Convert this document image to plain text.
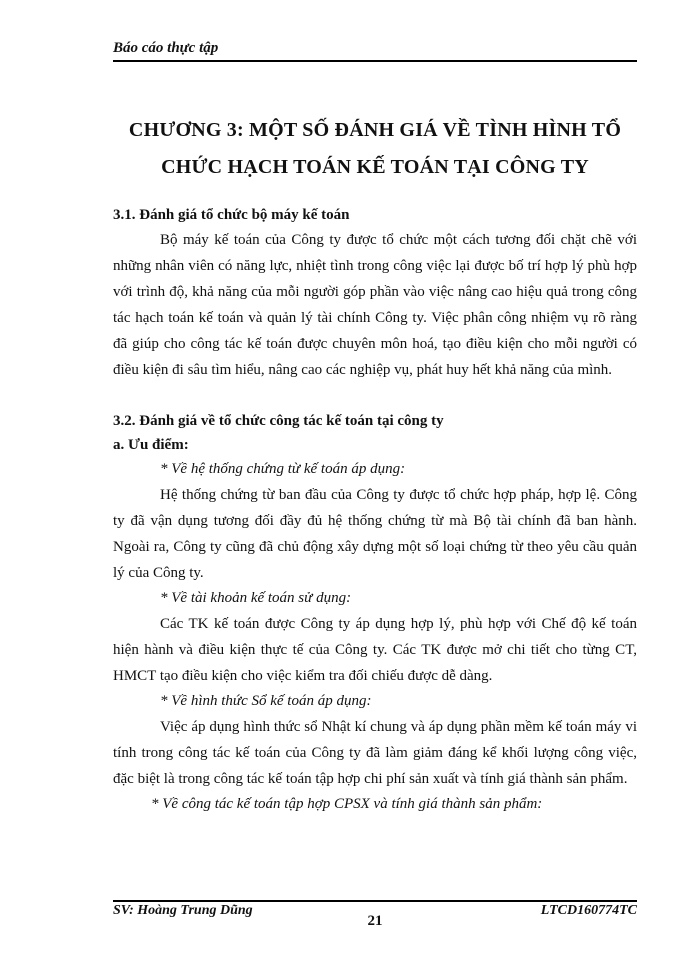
Báo cáo thực tập
CHƯƠNG 3: MỘT SỐ ĐÁNH GIÁ VỀ TÌNH HÌNH TỔ
CHỨC HẠCH TOÁN KẾ TOÁN TẠI CÔNG TY
3.1. Đánh giá tổ chức bộ máy kế toán

Bộ máy kế toán của Công ty được tổ chức một cách tương đối chặt chẽ với những nhân viên có năng lực, nhiệt tình trong công việc lại được bố trí hợp lý phù hợp với trình độ, khả năng của mỗi người góp phần vào việc nâng cao hiệu quả trong công tác hạch toán kế toán và quản lý tài chính Công ty. Việc phân công nhiệm vụ rõ ràng đã giúp cho công tác kế toán được chuyên môn hoá, tạo điều kiện cho mỗi người có điều kiện đi sâu tìm hiểu, nâng cao các nghiệp vụ, phát huy hết khả năng của mình.

3.2. Đánh giá về tổ chức công tác kế toán tại công ty
a. Ưu điểm:
* Về hệ thống chứng từ kế toán áp dụng:

Hệ thống chứng từ ban đầu của Công ty được tổ chức hợp pháp, hợp lệ. Công ty đã vận dụng tương đối đầy đủ hệ thống chứng từ mà Bộ tài chính đã ban hành. Ngoài ra, Công ty cũng đã chủ động xây dựng một số loại chứng từ theo yêu cầu quản lý của Công ty.

* Về tài khoản kế toán sử dụng:

Các TK kế toán được Công ty áp dụng hợp lý, phù hợp với Chế độ kế toán hiện hành và điều kiện thực tế của Công ty. Các TK được mở chi tiết cho từng CT, HMCT tạo điều kiện cho việc kiểm tra đối chiếu được dễ dàng.

* Về hình thức Sổ kế toán áp dụng:

Việc áp dụng hình thức sổ Nhật kí chung và áp dụng phần mềm kế toán máy vi tính trong công tác kế toán của Công ty đã làm giảm đáng kể khối lượng công việc, đặc biệt là trong công tác kế toán tập hợp chi phí sản xuất và tính giá thành sản phẩm.

* Về công tác kế toán tập hợp CPSX và tính giá thành sản phẩm:
SV: Hoàng Trung Dũng
21
LTCD160774TC
